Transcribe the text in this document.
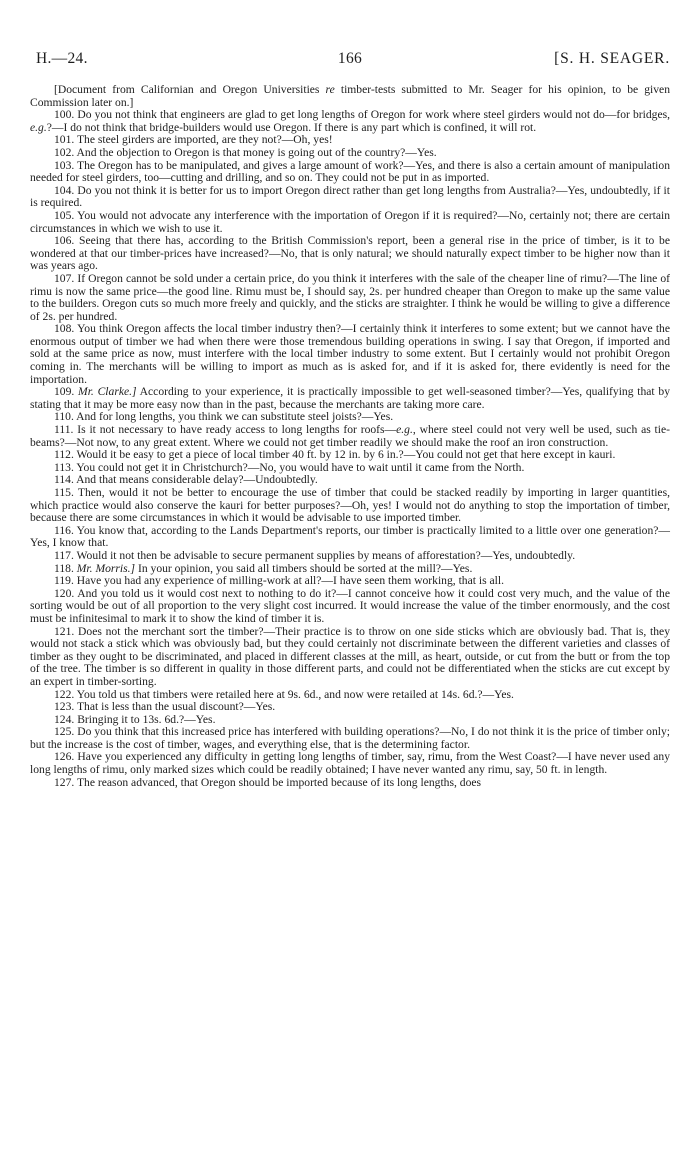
H.—24.	166	[S. H. SEAGER.

[Document from Californian and Oregon Universities re timber-tests submitted to Mr. Seager for his opinion, to be given Commission later on.]

100. Do you not think that engineers are glad to get long lengths of Oregon for work where steel girders would not do—for bridges, e.g.?—I do not think that bridge-builders would use Oregon. If there is any part which is confined, it will rot.

101. The steel girders are imported, are they not?—Oh, yes!

102. And the objection to Oregon is that money is going out of the country?—Yes.

103. The Oregon has to be manipulated, and gives a large amount of work?—Yes, and there is also a certain amount of manipulation needed for steel girders, too—cutting and drilling, and so on. They could not be put in as imported.

104. Do you not think it is better for us to import Oregon direct rather than get long lengths from Australia?—Yes, undoubtedly, if it is required.

105. You would not advocate any interference with the importation of Oregon if it is required?—No, certainly not; there are certain circumstances in which we wish to use it.

106. Seeing that there has, according to the British Commission's report, been a general rise in the price of timber, is it to be wondered at that our timber-prices have increased?—No, that is only natural; we should naturally expect timber to be higher now than it was years ago.

107. If Oregon cannot be sold under a certain price, do you think it interferes with the sale of the cheaper line of rimu?—The line of rimu is now the same price—the good line. Rimu must be, I should say, 2s. per hundred cheaper than Oregon to make up the same value to the builders. Oregon cuts so much more freely and quickly, and the sticks are straighter. I think he would be willing to give a difference of 2s. per hundred.

108. You think Oregon affects the local timber industry then?—I certainly think it interferes to some extent; but we cannot have the enormous output of timber we had when there were those tremendous building operations in swing. I say that Oregon, if imported and sold at the same price as now, must interfere with the local timber industry to some extent. But I certainly would not prohibit Oregon coming in. The merchants will be willing to import as much as is asked for, and if it is asked for, there evidently is need for the importation.

109. Mr. Clarke.] According to your experience, it is practically impossible to get well-seasoned timber?—Yes, qualifying that by stating that it may be more easy now than in the past, because the merchants are taking more care.

110. And for long lengths, you think we can substitute steel joists?—Yes.

111. Is it not necessary to have ready access to long lengths for roofs—e.g., where steel could not very well be used, such as tie-beams?—Not now, to any great extent. Where we could not get timber readily we should make the roof an iron construction.

112. Would it be easy to get a piece of local timber 40 ft. by 12 in. by 6 in.?—You could not get that here except in kauri.

113. You could not get it in Christchurch?—No, you would have to wait until it came from the North.

114. And that means considerable delay?—Undoubtedly.

115. Then, would it not be better to encourage the use of timber that could be stacked readily by importing in larger quantities, which practice would also conserve the kauri for better purposes?—Oh, yes! I would not do anything to stop the importation of timber, because there are some circumstances in which it would be advisable to use imported timber.

116. You know that, according to the Lands Department's reports, our timber is practically limited to a little over one generation?—Yes, I know that.

117. Would it not then be advisable to secure permanent supplies by means of afforestation?—Yes, undoubtedly.

118. Mr. Morris.] In your opinion, you said all timbers should be sorted at the mill?—Yes.

119. Have you had any experience of milling-work at all?—I have seen them working, that is all.

120. And you told us it would cost next to nothing to do it?—I cannot conceive how it could cost very much, and the value of the sorting would be out of all proportion to the very slight cost incurred. It would increase the value of the timber enormously, and the cost must be infinitesimal to mark it to show the kind of timber it is.

121. Does not the merchant sort the timber?—Their practice is to throw on one side sticks which are obviously bad. That is, they would not stack a stick which was obviously bad, but they could certainly not discriminate between the different varieties and classes of timber as they ought to be discriminated, and placed in different classes at the mill, as heart, outside, or cut from the butt or from the top of the tree. The timber is so different in quality in those different parts, and could not be differentiated when the sticks are cut except by an expert in timber-sorting.

122. You told us that timbers were retailed here at 9s. 6d., and now were retailed at 14s. 6d.?—Yes.

123. That is less than the usual discount?—Yes.

124. Bringing it to 13s. 6d.?—Yes.

125. Do you think that this increased price has interfered with building operations?—No, I do not think it is the price of timber only; but the increase is the cost of timber, wages, and everything else, that is the determining factor.

126. Have you experienced any difficulty in getting long lengths of timber, say, rimu, from the West Coast?—I have never used any long lengths of rimu, only marked sizes which could be readily obtained; I have never wanted any rimu, say, 50 ft. in length.

127. The reason advanced, that Oregon should be imported because of its long lengths, does
